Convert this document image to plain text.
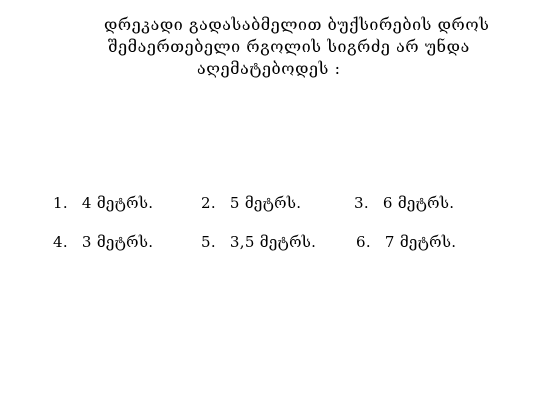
დრეკადი გადასაბმელით ბუქსირების დროს
შემაერთებელი რგოლის სიგრძე არ უნდა
აღემატებოდეს :
1. 4 მეტრს.	2. 5 მეტრს.	3. 6 მეტრს.
4. 3 მეტრს.	5. 3,5 მეტრს.	6. 7 მეტრს.
